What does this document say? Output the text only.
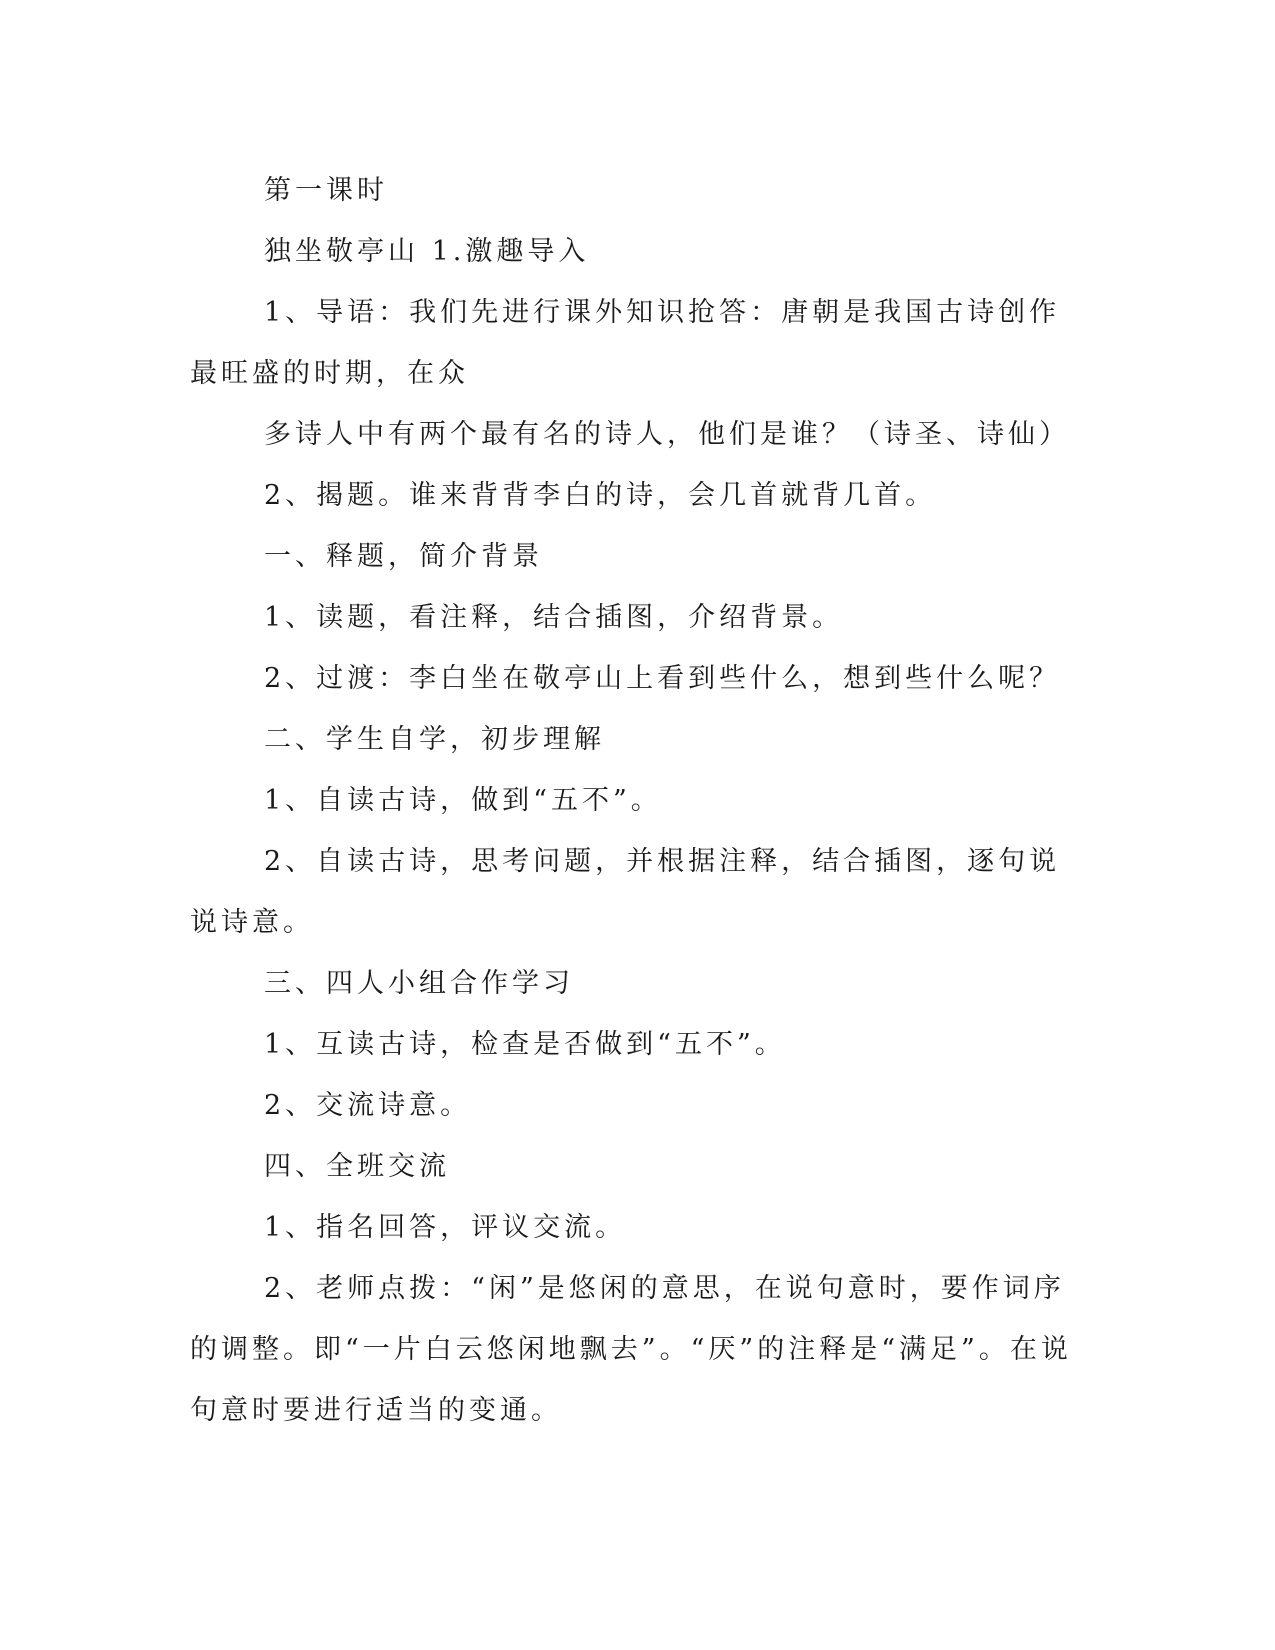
第一课时

独坐敬亭山 1.激趣导入

1、导语：我们先进行课外知识抢答：唐朝是我国古诗创作最旺盛的时期，在众

多诗人中有两个最有名的诗人，他们是谁？（诗圣、诗仙）

2、揭题。谁来背背李白的诗，会几首就背几首。

一、释题，简介背景

1、读题，看注释，结合插图，介绍背景。

2、过渡：李白坐在敬亭山上看到些什么，想到些什么呢？

二、学生自学，初步理解

1、自读古诗，做到“五不”。

2、自读古诗，思考问题，并根据注释，结合插图，逐句说说诗意。

三、四人小组合作学习

1、互读古诗，检查是否做到“五不”。

2、交流诗意。

四、全班交流

1、指名回答，评议交流。

2、老师点拨：“闲”是悠闲的意思，在说句意时，要作词序的调整。即“一片白云悠闲地飘去”。“厌”的注释是“满足”。在说句意时要进行适当的变通。
